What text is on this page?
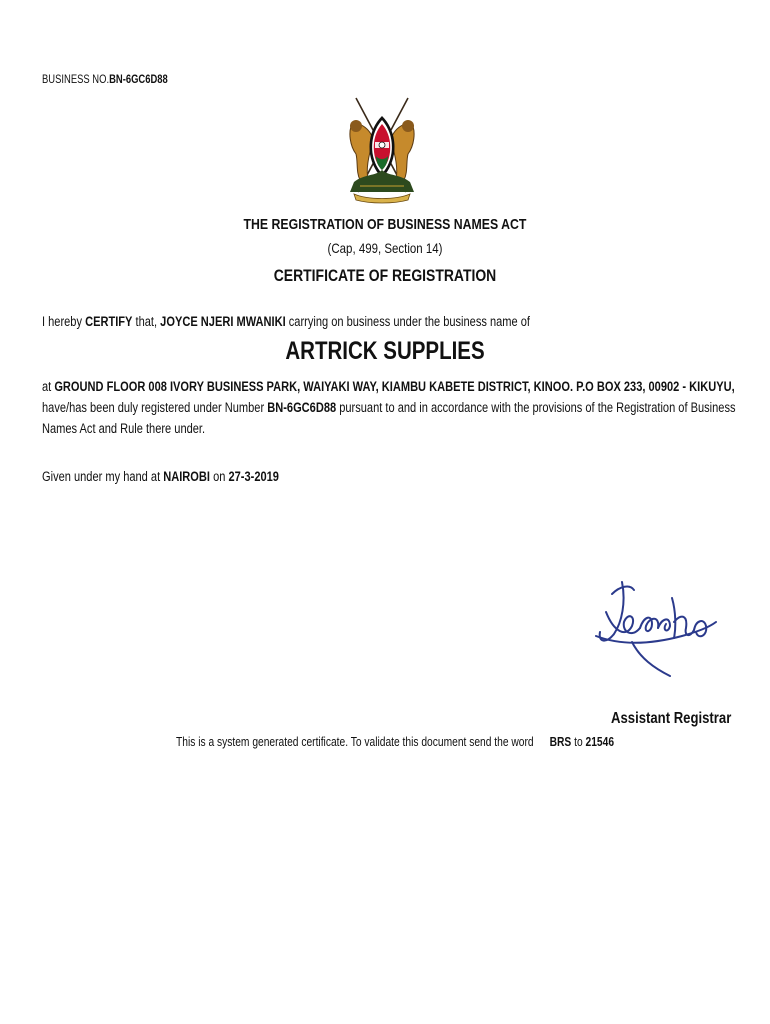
BUSINESS NO.BN-6GC6D88
THE REGISTRATION OF BUSINESS NAMES ACT
(Cap, 499, Section 14)
CERTIFICATE OF REGISTRATION
I hereby CERTIFY that, JOYCE NJERI MWANIKI carrying on business under the business name of
ARTRICK SUPPLIES
at GROUND FLOOR 008 IVORY BUSINESS PARK, WAIYAKI WAY, KIAMBU KABETE DISTRICT, KINOO. P.O BOX 233, 00902 - KIKUYU,
have/has been duly registered under Number BN-6GC6D88 pursuant to and in accordance with the provisions of the Registration of Business
Names Act and Rule there under.
Given under my hand at NAIROBI on 27-3-2019
Assistant Registrar
This is a system generated certificate. To validate this document send the word BRS to 21546
